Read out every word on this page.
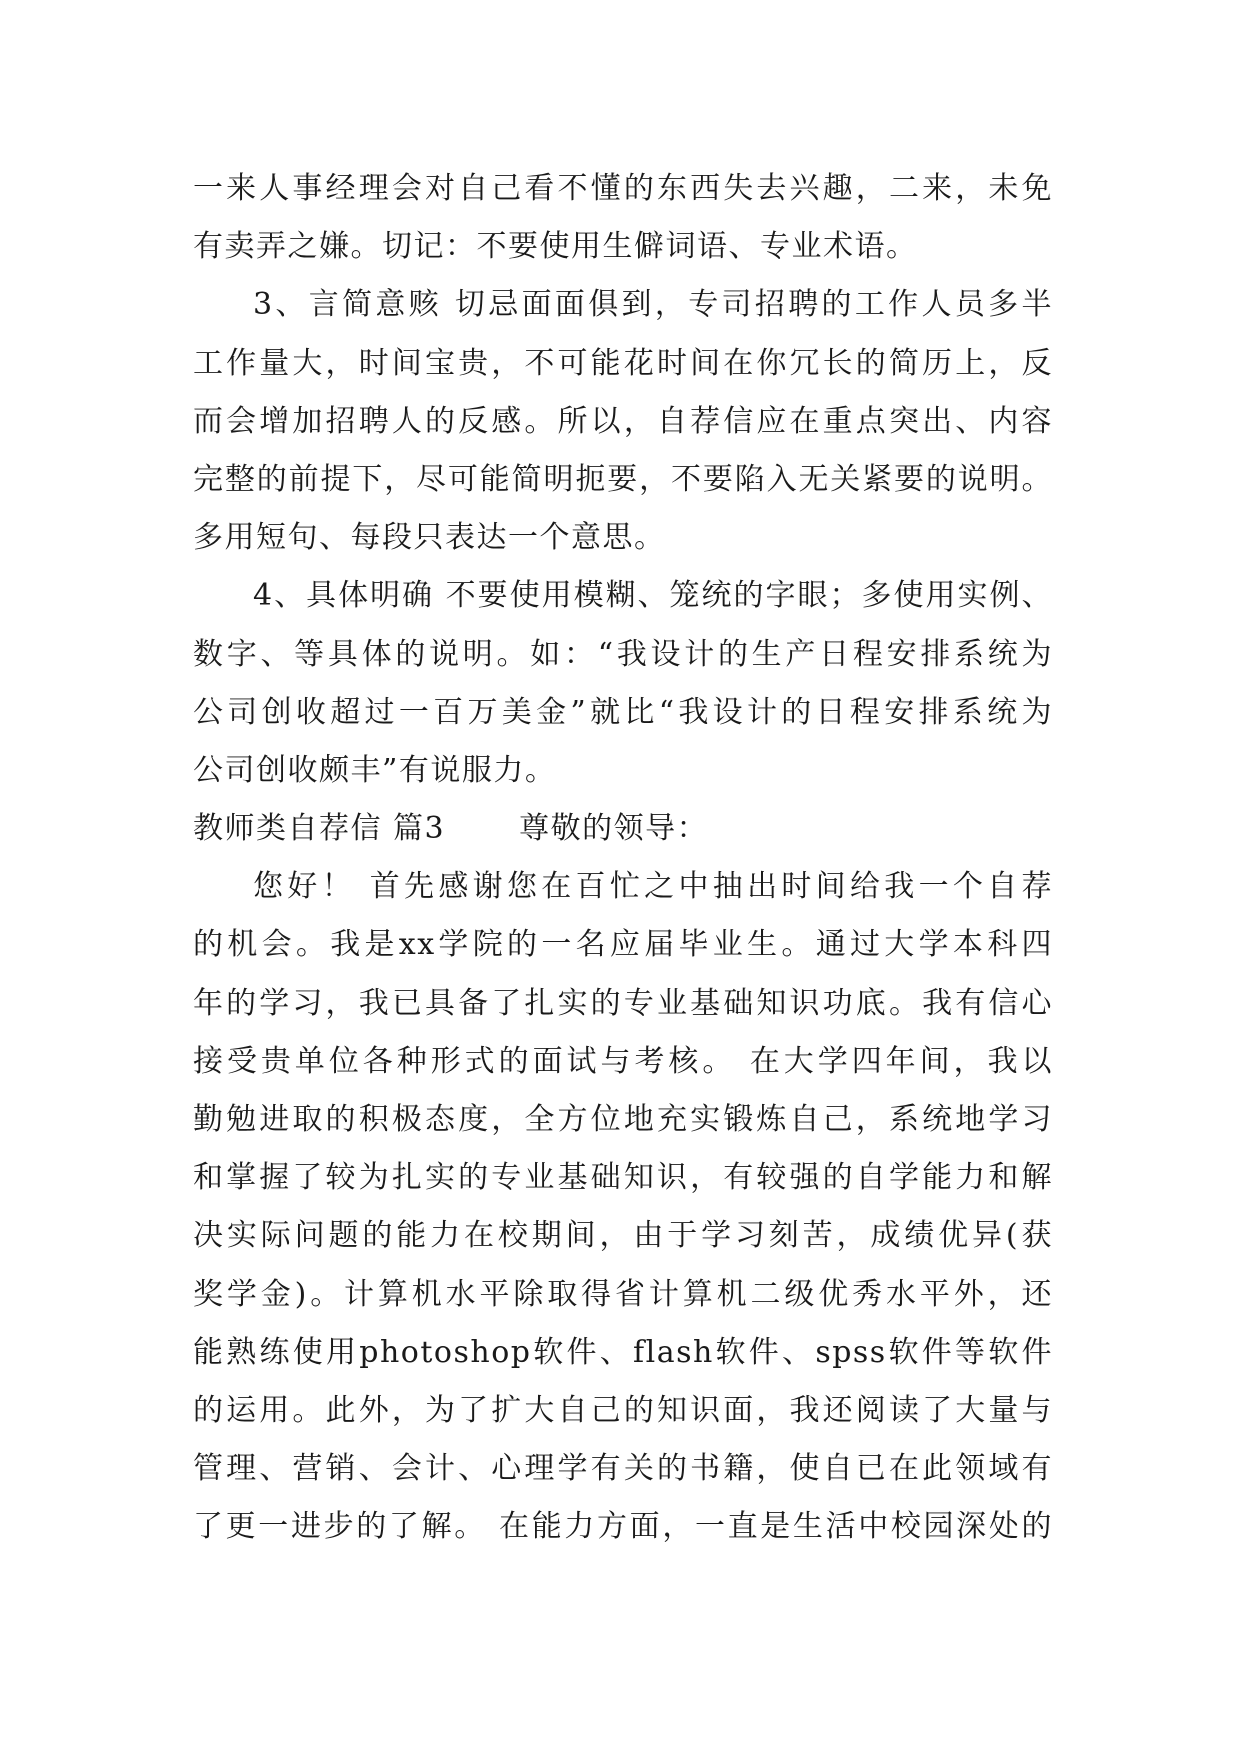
一来人事经理会对自己看不懂的东西失去兴趣，二来，未免
有卖弄之嫌。切记：不要使用生僻词语、专业术语。
3、言简意赅 切忌面面俱到，专司招聘的工作人员多半
工作量大，时间宝贵，不可能花时间在你冗长的简历上，反
而会增加招聘人的反感。所以，自荐信应在重点突出、内容
完整的前提下，尽可能简明扼要，不要陷入无关紧要的说明。
多用短句、每段只表达一个意思。
4、具体明确 不要使用模糊、笼统的字眼；多使用实例、
数字、等具体的说明。如：“我设计的生产日程安排系统为
公司创收超过一百万美金”就比“我设计的日程安排系统为
公司创收颇丰”有说服力。
教师类自荐信 篇3　　 尊敬的领导：
您好！ 首先感谢您在百忙之中抽出时间给我一个自荐
的机会。我是xx学院的一名应届毕业生。通过大学本科四
年的学习，我已具备了扎实的专业基础知识功底。我有信心
接受贵单位各种形式的面试与考核。 在大学四年间，我以
勤勉进取的积极态度，全方位地充实锻炼自己，系统地学习
和掌握了较为扎实的专业基础知识，有较强的自学能力和解
决实际问题的能力在校期间，由于学习刻苦，成绩优异(获
奖学金)。计算机水平除取得省计算机二级优秀水平外，还
能熟练使用photoshop软件、flash软件、spss软件等软件
的运用。此外，为了扩大自己的知识面，我还阅读了大量与
管理、营销、会计、心理学有关的书籍，使自已在此领域有
了更一进步的了解。 在能力方面，一直是生活中校园深处的
